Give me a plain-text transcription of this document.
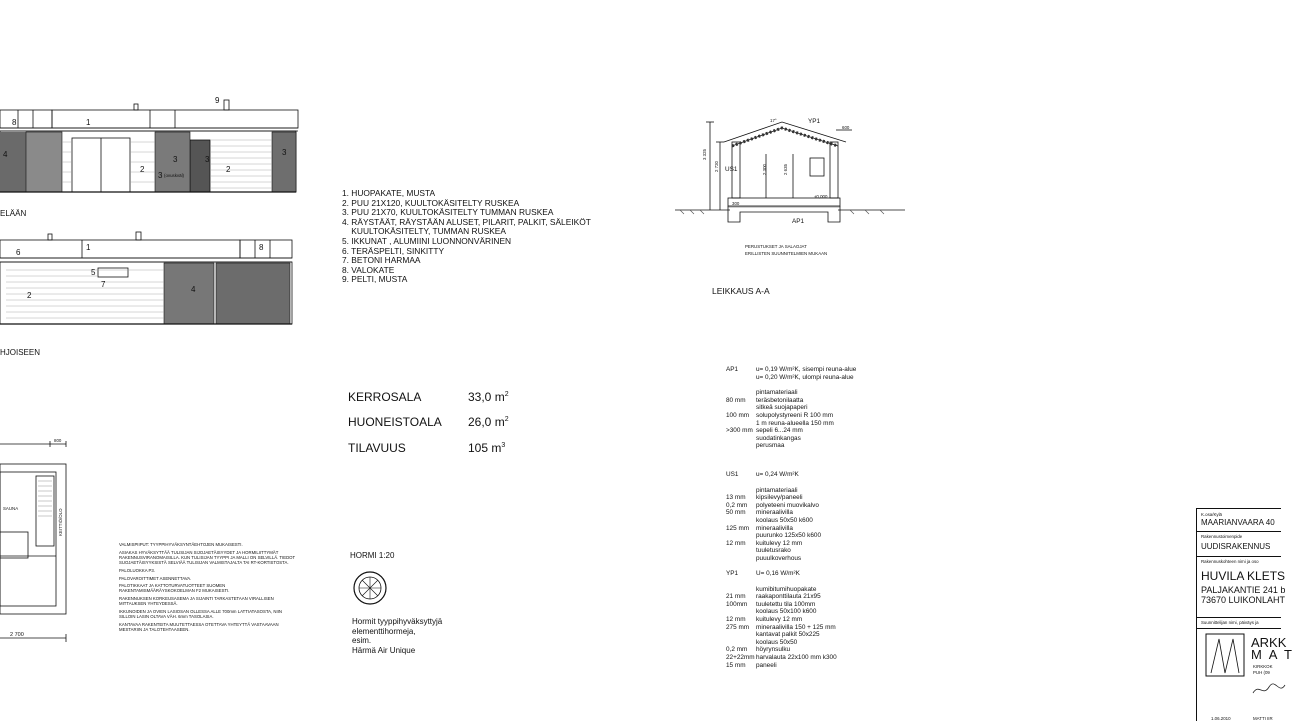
9
8	1
4
2
3	3
3
3 (ovuskväl)
2
ELÄÄN
1	8
6
5
7
2
4
HJOISEEN
1. HUOPAKATE, MUSTA
2. PUU 21X120, KUULTOKÄSITELTY RUSKEA
3. PUU 21X70, KUULTOKÄSITELTY TUMMAN RUSKEA
4. RÄYSTÄÄT, RÄYSTÄÄN ALUSET, PILARIT, PALKIT, SÄLEIKÖT
KUULTOKÄSITELTY, TUMMAN RUSKEA
5. IKKUNAT , ALUMIINI LUONNONVÄRINEN
6. TERÄSPELTI, SINKITTY
7. BETONI HARMAA
8. VALOKATE
9. PELTI, MUSTA
KERROSALA	33,0 $m^2$
HUONEISTOALA 26,0 $m^2$
TILAVUUS	105 $m^3$
17°	YP1
600
3 325
2 720 US1	2 300	2 635
300
±0,000
AP1
PERUSTUKSET JA SALAOJAT
ERILLISTEN SUUNNITELMIEN MUKAAN
LEIKKAUS A-A
800
SAUNA	KEITTIÖ/OLO
2 700
VALMISPIIPUT: TYYPPIHYVÄKSYNTÄEHTOJEN MUKAISESTI.
ASIAKAS HYVÄKSYTTÄÄ TULISIJAN SIJOJAETÄISYYDET JA HORMILIITTYMÄT
RAKENNUSVIRANOMAISILLA. KUN TULISIJAN TYYPPI JA MALLI ON SELVILLÄ. TIEDOT
SUOJAETÄISYYKSISTÄ SELVIÄÄ TULISIJAN VALMISTAJALTA TAI RT-KORTISTOSTA.
PALOLUOKKA P3.
PALOVAROITTIMET ASENNETTAVA.
PALOTIKKAAT JA KATTOTURVATUOTTEET SUOMEN
RAKENTAMISMÄÄRÄYSKOKOELMAN F2 MUKAISESTI.
RAKENNUKSEN KORKEUSASEMA JA SIJAINTI TARKASTETAAN VIRALLISEN
MITTAUKSEN YHTEYDESSÄ.
IKKUNOIDEN JA OVIEN LASIOSAN OLLESSA ALLE 700mm LATTIATASOSTA, NIIN
SILLOIN LASIN OLTAVA VÄH. 6mm TASOLASIA.
KANTAVAA RAKENTEITA MUUTETTAESSA OTETTAVA YHTEYTTÄ VASTAAVAAN
MESTARIIN JA TALOTEHTAASEEN.
HORMI 1:20
Hormit tyyppihyväksyttyjä
elementtihormeja,
esim.
Härmä Air Unique
AP1	u= 0,19 W/m²K, sisempi reuna-alue
u= 0,20 W/m²K, ulompi reuna-alue
pintamateriaali
80 mm	teräsbetonilaatta
sitkeä suojapaperi
100 mm	solupolystyreeni R 100 mm
1 m reuna-alueella 150 mm
>300 mm sepeli 6...24 mm
suodatinkangas
perusmaa
US1	u= 0,24 W/m²K
pintamateriaali
13 mm	kipsilevy/paneeli
0,2 mm	polyeteeni muovikalvo
50 mm	mineraalivilla
koolaus 50x50 k600
125 mm	mineraalivilla
puurunko 125x50 k600
12 mm	kuitulevy 12 mm
tuuletusrako
puuulkoverhous
YP1	U= 0,16 W/m²K
kumibitumihuopakate
21 mm	raakaponttilauta 21x95
100mm	tuuletettu tila 100mm
koolaus 50x100 k600
12 mm	kuitulevy 12 mm
275 mm	mineraalivilla 150 + 125 mm
kantavat palkit 50x225
koolaus 50x50
0,2 mm	höyrynsulku
22+22mm harvalauta 22x100 mm k300
15 mm	paneeli
K.osa/Kylä
MAARIANVAARA 40
Rakennustoimenpide
UUDISRAKENNUS
Rakennuskohteen nimi ja oso
HUVILA KLETS
PALJAKANTIE 241 b
73670 LUIKONLAHT
Suunnittelijan nimi, päiväys ja
ARKK
M A T
KIRKKOK
PUH (09
1.06.2010	MATTI IIR
